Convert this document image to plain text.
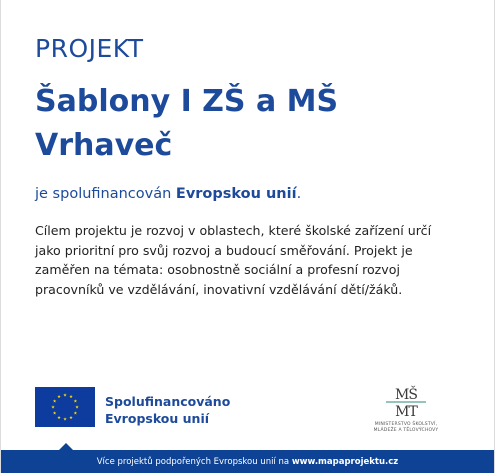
PROJEKT
Šablony I ZŠ a MŠ
Vrhaveč
je spolufinancován Evropskou unií.
Cílem projektu je rozvoj v oblastech, které školské zařízení určí
jako prioritní pro svůj rozvoj a budoucí směřování. Projekt je
zaměřen na témata: osobnostně sociální a profesní rozvoj
pracovníků ve vzdělávání, inovativní vzdělávání dětí/žáků.
★ ★
★
★
★
★
★
★
★
★
★
★	Spolufinancováno
Evropskou unií
MŠ
MT
MINISTERSTVO ŠKOLSTVÍ,
MLÁDEŽE A TĚLOVÝCHOVY
Více projektů podpořených Evropskou unií na
www.mapaprojektu.cz
